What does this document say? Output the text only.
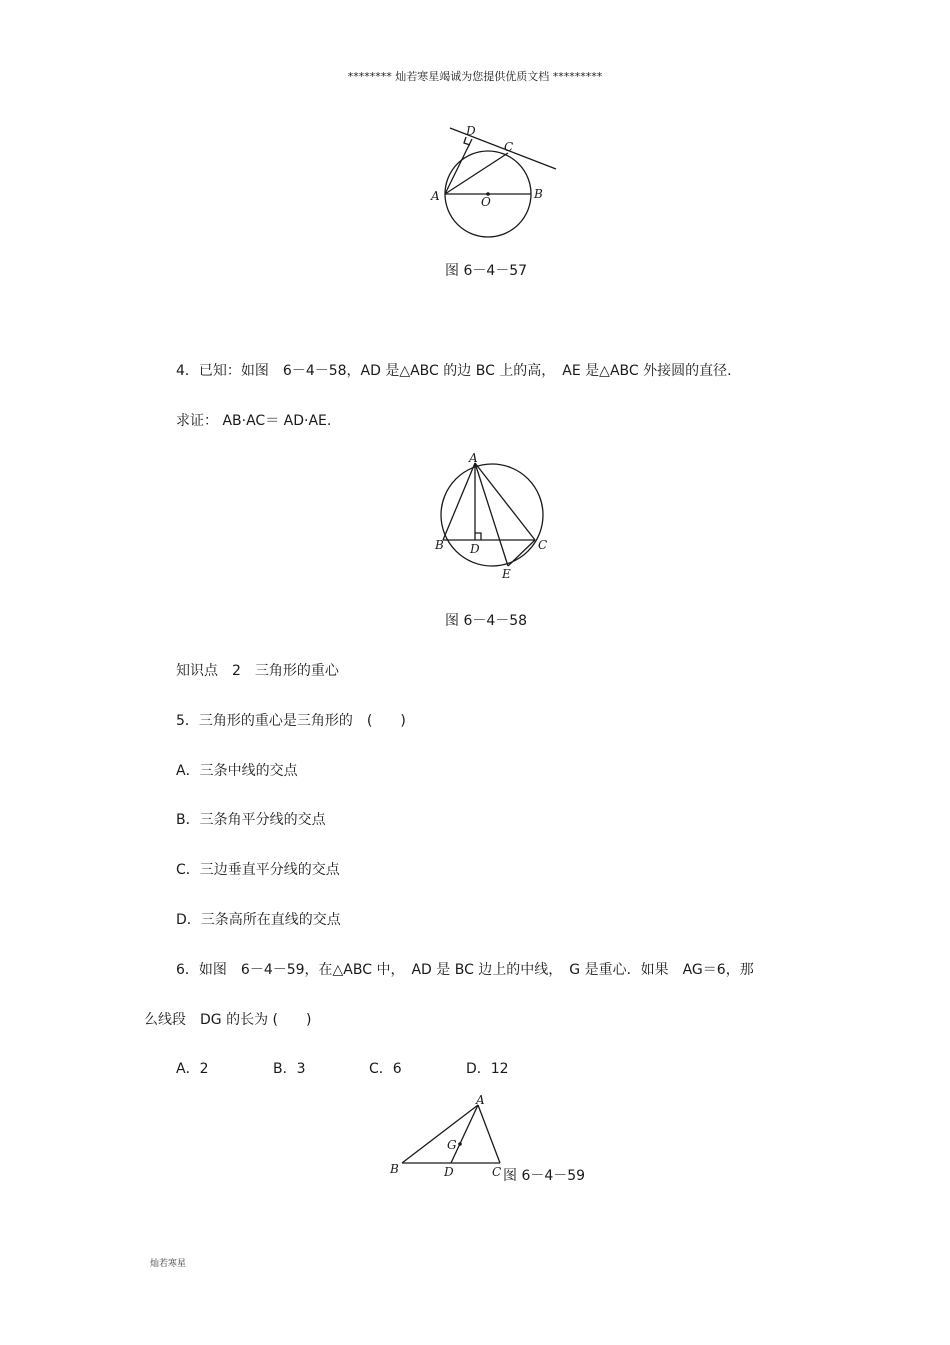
******** 灿若寒星竭诚为您提供优质文档 *********
D
C
A	O
B
图 6－4－57
4．已知：如图　6－4－58，AD 是△ABC 的边 BC 上的高，　AE 是△ABC 外接圆的直径.
求证： AB·AC＝ AD·AE.
A
B D	C
E
图 6－4－58
知识点　2　三角形的重心
5．三角形的重心是三角形的　(　　)
A．三条中线的交点
B．三条角平分线的交点
C．三边垂直平分线的交点
D．三条高所在直线的交点
6．如图　6－4－59，在△ABC 中，　AD 是 BC 边上的中线，　G 是重心．如果　AG＝6，那
么线段　DG 的长为 (　　)
A．2	B．3	C．6	D．12
A
G
B	D	C 图 6－4－59
灿若寒星
